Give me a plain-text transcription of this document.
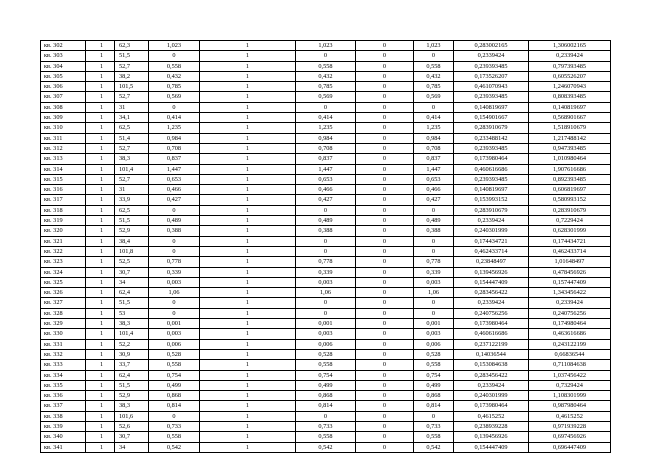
кв. 302	1	62,3	1,023	1	1,023	0	1,023	0,283002165	1,306002165
кв. 303	1	51,5	0	1	0	0	0	0,2339424	0,2339424
кв. 304	1	52,7	0,558	1	0,558	0	0,558	0,239393485	0,797393485
кв. 305	1	38,2	0,432	1	0,432	0	0,432	0,173526207	0,605526207
кв. 306	1	101,5	0,785	1	0,785	0	0,785	0,461070943	1,246070943
кв. 307	1	52,7	0,569	1	0,569	0	0,569	0,239393485	0,808393485
кв. 308	1	31	0	1	0	0	0	0,140819697	0,140819697
кв. 309	1	34,1	0,414	1	0,414	0	0,414	0,154901667	0,568901667
кв. 310	1	62,5	1,235	1	1,235	0	1,235	0,283910679	1,518910679
кв. 311	1	51,4	0,984	1	0,984	0	0,984	0,233488142	1,217488142
кв. 312	1	52,7	0,708	1	0,708	0	0,708	0,239393485	0,947393485
кв. 313	1	38,3	0,837	1	0,837	0	0,837	0,173980464	1,010980464
кв. 314	1	101,4	1,447	1	1,447	0	1,447	0,460616686	1,907616686
кв. 315	1	52,7	0,653	1	0,653	0	0,653	0,239393485	0,892393485
кв. 316	1	31	0,466	1	0,466	0	0,466	0,140819697	0,606819697
кв. 317	1	33,9	0,427	1	0,427	0	0,427	0,153993152	0,580993152
кв. 318	1	62,5	0	1	0	0	0	0,283910679	0,283910679
кв. 319	1	51,5	0,489	1	0,489	0	0,489	0,2339424	0,7229424
кв. 320	1	52,9	0,388	1	0,388	0	0,388	0,240301999	0,628301999
кв. 321	1	38,4	0	1	0	0	0	0,174434721	0,174434721
кв. 322	1	101,8	0	1	0	0	0	0,462433714	0,462433714
кв. 323	1	52,5	0,778	1	0,778	0	0,778	0,23848497	1,01648497
кв. 324	1	30,7	0,339	1	0,339	0	0,339	0,139456926	0,478456926
кв. 325	1	34	0,003	1	0,003	0	0,003	0,154447409	0,157447409
кв. 326	1	62,4	1,06	1	1,06	0	1,06	0,283456422	1,343456422
кв. 327	1	51,5	0	1	0	0	0	0,2339424	0,2339424
кв. 328	1	53	0	1	0	0	0	0,240756256	0,240756256
кв. 329	1	38,3	0,001	1	0,001	0	0,001	0,173980464	0,174980464
кв. 330	1	101,4	0,003	1	0,003	0	0,003	0,460616686	0,463616686
кв. 331	1	52,2	0,006	1	0,006	0	0,006	0,237122199	0,243122199
кв. 332	1	30,9	0,528	1	0,528	0	0,528	0,14036544	0,66836544
кв. 333	1	33,7	0,558	1	0,558	0	0,558	0,153084638	0,711084638
кв. 334	1	62,4	0,754	1	0,754	0	0,754	0,283456422	1,037456422
кв. 335	1	51,5	0,499	1	0,499	0	0,499	0,2339424	0,7329424
кв. 336	1	52,9	0,868	1	0,868	0	0,868	0,240301999	1,108301999
кв. 337	1	38,3	0,814	1	0,814	0	0,814	0,173980464	0,987980464
кв. 338	1	101,6	0	1	0	0	0	0,4615252	0,4615252
кв. 339	1	52,6	0,733	1	0,733	0	0,733	0,238939228	0,971939228
кв. 340	1	30,7	0,558	1	0,558	0	0,558	0,139456926	0,697456926
кв. 341	1	34	0,542	1	0,542	0	0,542	0,154447409	0,696447409
